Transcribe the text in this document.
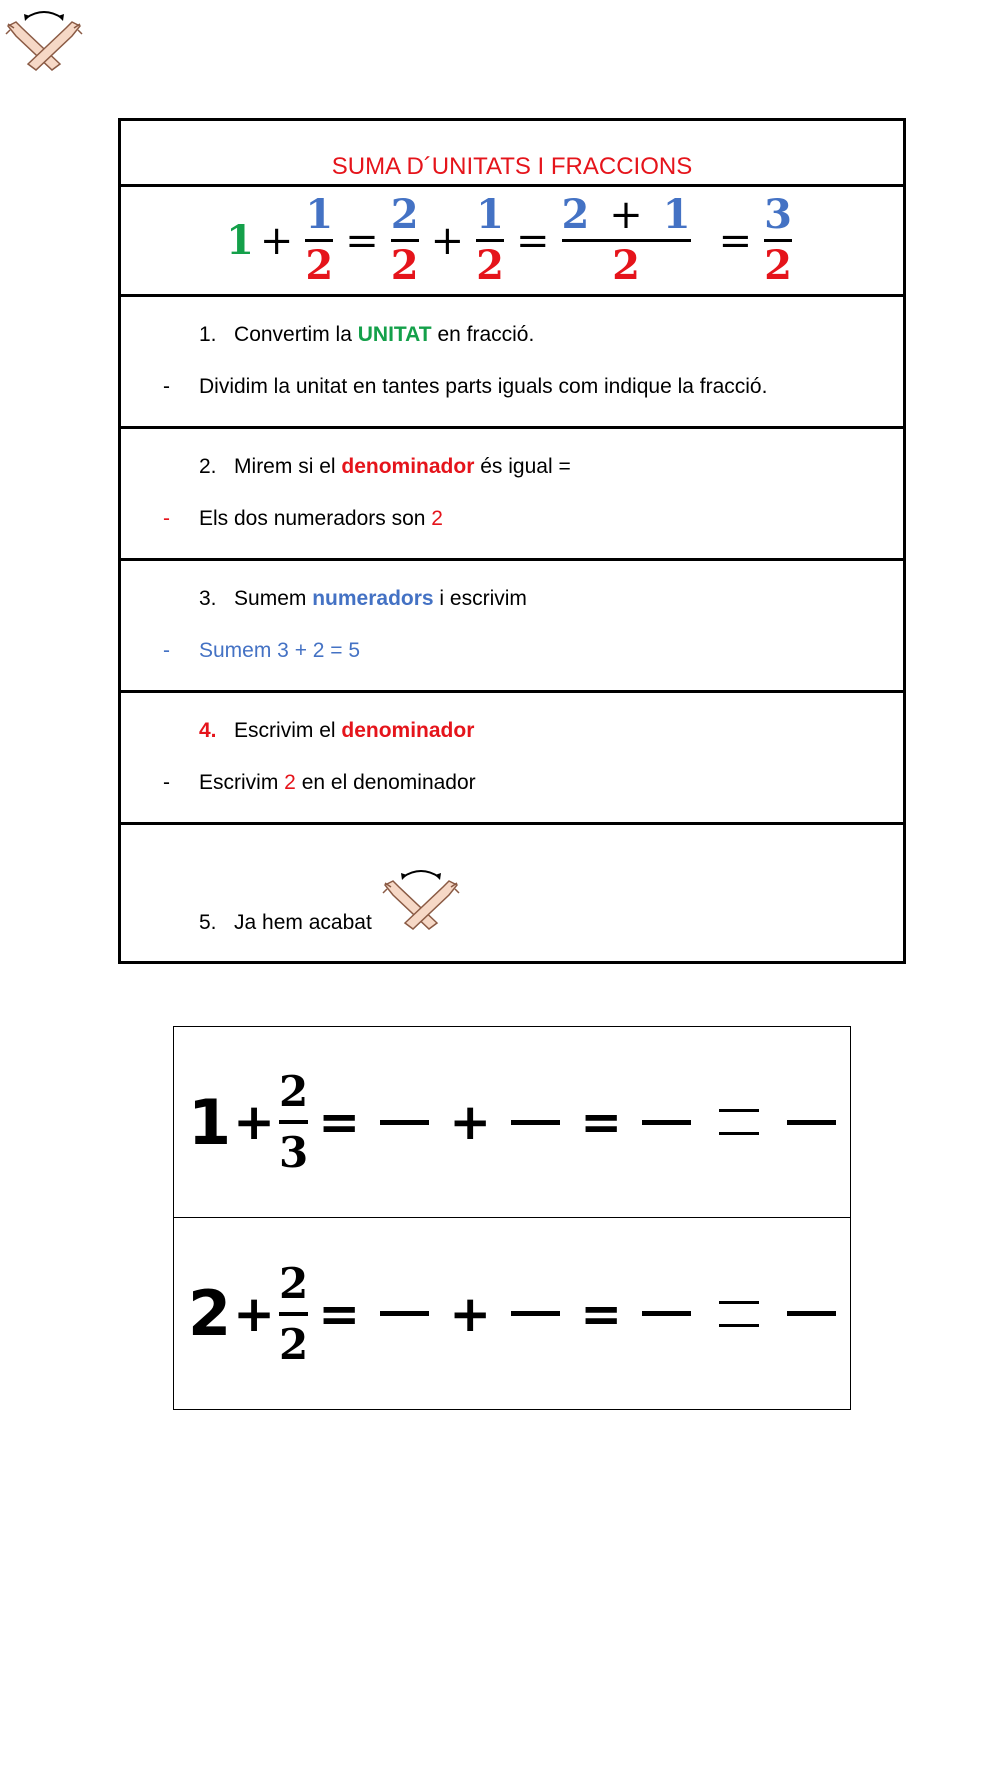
SUMA D´UNITATS I FRACCIONS
$1 + \frac{1}{2} = \frac{2}{2} + \frac{1}{2} = \frac{2 + 1}{2} = \frac{3}{2}$
1. Convertim la UNITAT en fracció.
- Dividim la unitat en tantes parts iguals com indique la fracció.
2. Mirem si el denominador és igual =
- Els dos numeradors son 2
3. Sumem numeradors i escrivim
- Sumem 3 + 2 = 5
4. Escrivim el denominador
- Escrivim 2 en el denominador
5. Ja hem acabat
1 +
2
3
= + =
2 +
2
2
= + =
